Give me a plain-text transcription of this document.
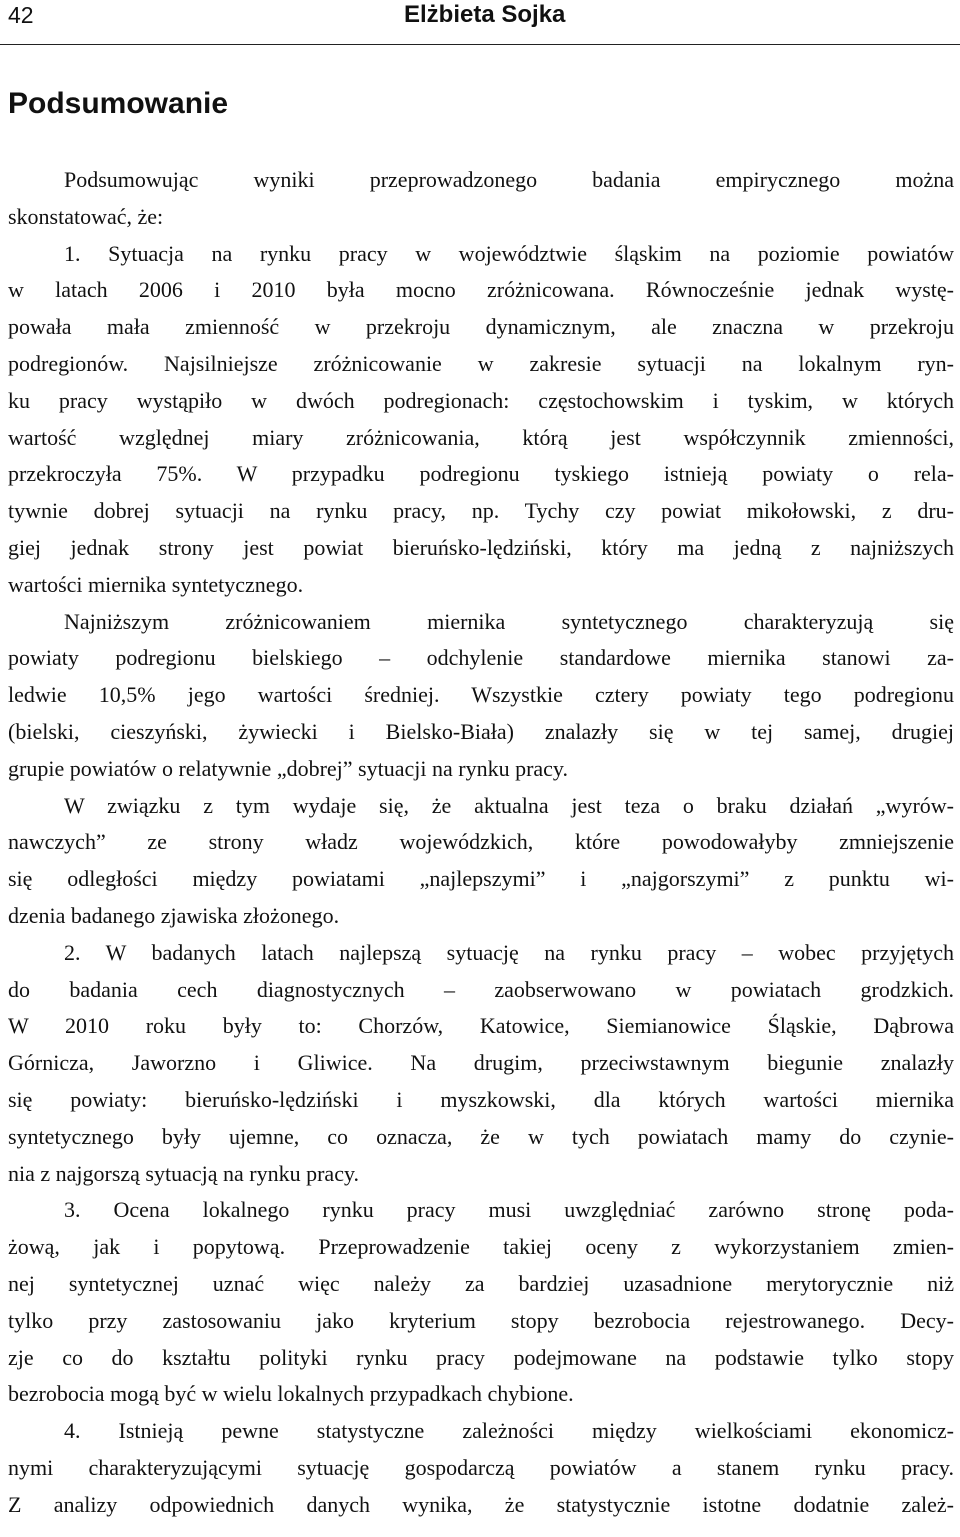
42	Elżbieta Sojka
Podsumowanie
Podsumowując wyniki przeprowadzonego badania empirycznego można
skonstatować, że:
1. Sytuacja na rynku pracy w województwie śląskim na poziomie powiatów
w latach 2006 i 2010 była mocno zróżnicowana. Równocześnie jednak wystę-
powała mała zmienność w przekroju dynamicznym, ale znaczna w przekroju
podregionów. Najsilniejsze zróżnicowanie w zakresie sytuacji na lokalnym ryn-
ku pracy wystąpiło w dwóch podregionach: częstochowskim i tyskim, w których
wartość względnej miary zróżnicowania, którą jest współczynnik zmienności,
przekroczyła 75%. W przypadku podregionu tyskiego istnieją powiaty o rela-
tywnie dobrej sytuacji na rynku pracy, np. Tychy czy powiat mikołowski, z dru-
giej jednak strony jest powiat bieruńsko-lędziński, który ma jedną z najniższych
wartości miernika syntetycznego.
Najniższym zróżnicowaniem miernika syntetycznego charakteryzują się
powiaty podregionu bielskiego – odchylenie standardowe miernika stanowi za-
ledwie 10,5% jego wartości średniej. Wszystkie cztery powiaty tego podregionu
(bielski, cieszyński, żywiecki i Bielsko-Biała) znalazły się w tej samej, drugiej
grupie powiatów o relatywnie „dobrej” sytuacji na rynku pracy.
W związku z tym wydaje się, że aktualna jest teza o braku działań „wyrów-
nawczych” ze strony władz wojewódzkich, które powodowałyby zmniejszenie
się odległości między powiatami „najlepszymi” i „najgorszymi” z punktu wi-
dzenia badanego zjawiska złożonego.
2. W badanych latach najlepszą sytuację na rynku pracy – wobec przyjętych
do badania cech diagnostycznych – zaobserwowano w powiatach grodzkich.
W 2010 roku były to: Chorzów, Katowice, Siemianowice Śląskie, Dąbrowa
Górnicza, Jaworzno i Gliwice. Na drugim, przeciwstawnym biegunie znalazły
się powiaty: bieruńsko-lędziński i myszkowski, dla których wartości miernika
syntetycznego były ujemne, co oznacza, że w tych powiatach mamy do czynie-
nia z najgorszą sytuacją na rynku pracy.
3. Ocena lokalnego rynku pracy musi uwzględniać zarówno stronę poda-
żową, jak i popytową. Przeprowadzenie takiej oceny z wykorzystaniem zmien-
nej syntetycznej uznać więc należy za bardziej uzasadnione merytorycznie niż
tylko przy zastosowaniu jako kryterium stopy bezrobocia rejestrowanego. Decy-
zje co do kształtu polityki rynku pracy podejmowane na podstawie tylko stopy
bezrobocia mogą być w wielu lokalnych przypadkach chybione.
4. Istnieją pewne statystyczne zależności między wielkościami ekonomicz-
nymi charakteryzującymi sytuację gospodarczą powiatów a stanem rynku pracy.
Z analizy odpowiednich danych wynika, że statystycznie istotne dodatnie zależ-
